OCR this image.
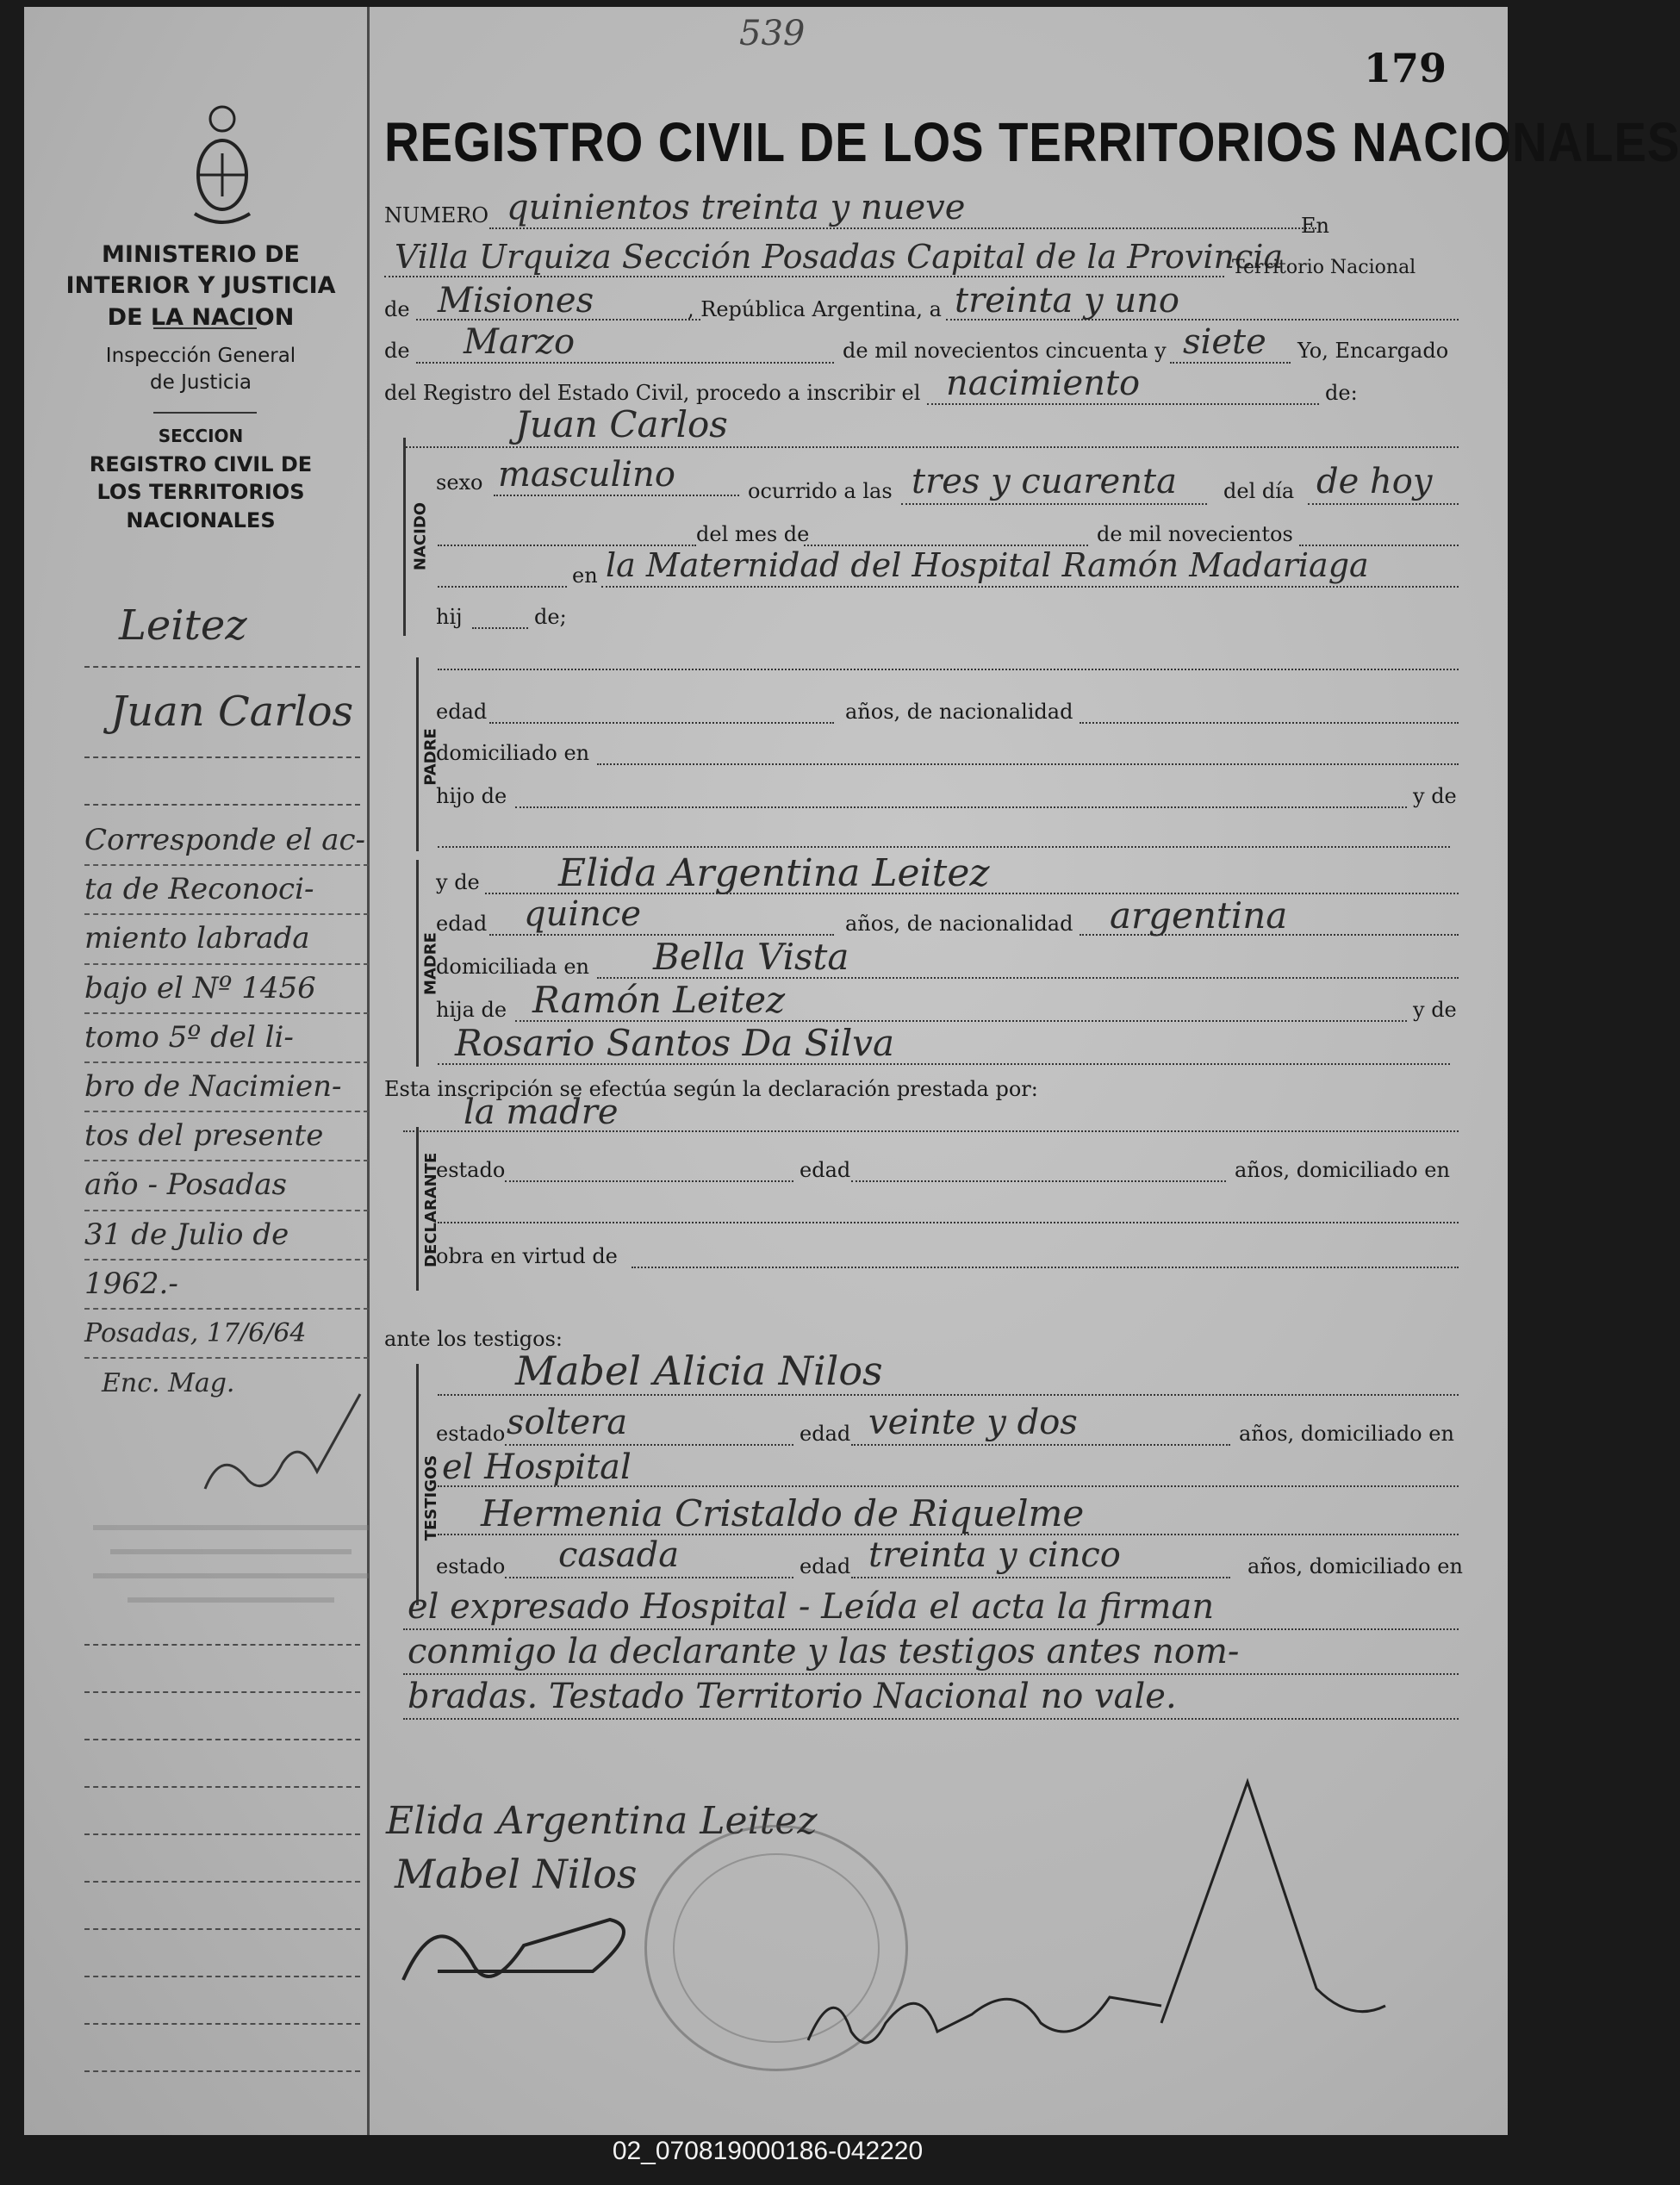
MINISTERIO DE INTERIOR Y JUSTICIA DE LA NACION
Inspección General de Justicia
SECCION
REGISTRO CIVIL DE LOS TERRITORIOS NACIONALES
Leitez
Juan Carlos
Corresponde el ac-
ta de Reconoci-
miento labrada
bajo el Nº 1456
tomo 5º del li-
bro de Nacimien-
tos del presente
año - Posadas
31 de Julio de
1962.-
Posadas, 17/6/64
Enc. Mag.
539
179
REGISTRO CIVIL DE LOS TERRITORIOS NACIONALES
NUMERO quinientos treinta y nueve	En
Villa Urquiza Sección Posadas Capital de la Provincia
Territorio Nacional
de Misiones	, República Argentina, a treinta y uno
de Marzo	de mil novecientos cincuenta y siete Yo, Encargado
del Registro del Estado Civil, procedo a inscribir el nacimiento	de:
Juan Carlos
NACIDO
sexo masculino	ocurrido a las tres y cuarenta del día de hoy
del mes de	de mil novecientos
en la Maternidad del Hospital Ramón Madariaga
hij	de;
PADRE
edad	años, de nacionalidad
domiciliado en
hijo de	y de
MADRE
y de Elida Argentina Leitez
edad quince	años, de nacionalidad argentina
domiciliada en Bella Vista
hija de Ramón Leitez	y de
Rosario Santos Da Silva
Esta inscripción se efectúa según la declaración prestada por:
la madre
DECLARANTE
estado	edad	años, domiciliado en
obra en virtud de
ante los testigos:
TESTIGOS
Mabel Alicia Nilos
estado soltera	edad veinte y dos	años, domiciliado en
el Hospital
Hermenia Cristaldo de Riquelme
estado casada	edad treinta y cinco	años, domiciliado en
el expresado Hospital - Leída el acta la firman
conmigo la declarante y las testigos antes nom-
bradas. Testado Territorio Nacional no vale.
Elida Argentina Leitez
Mabel Nilos
02_070819000186-042220
